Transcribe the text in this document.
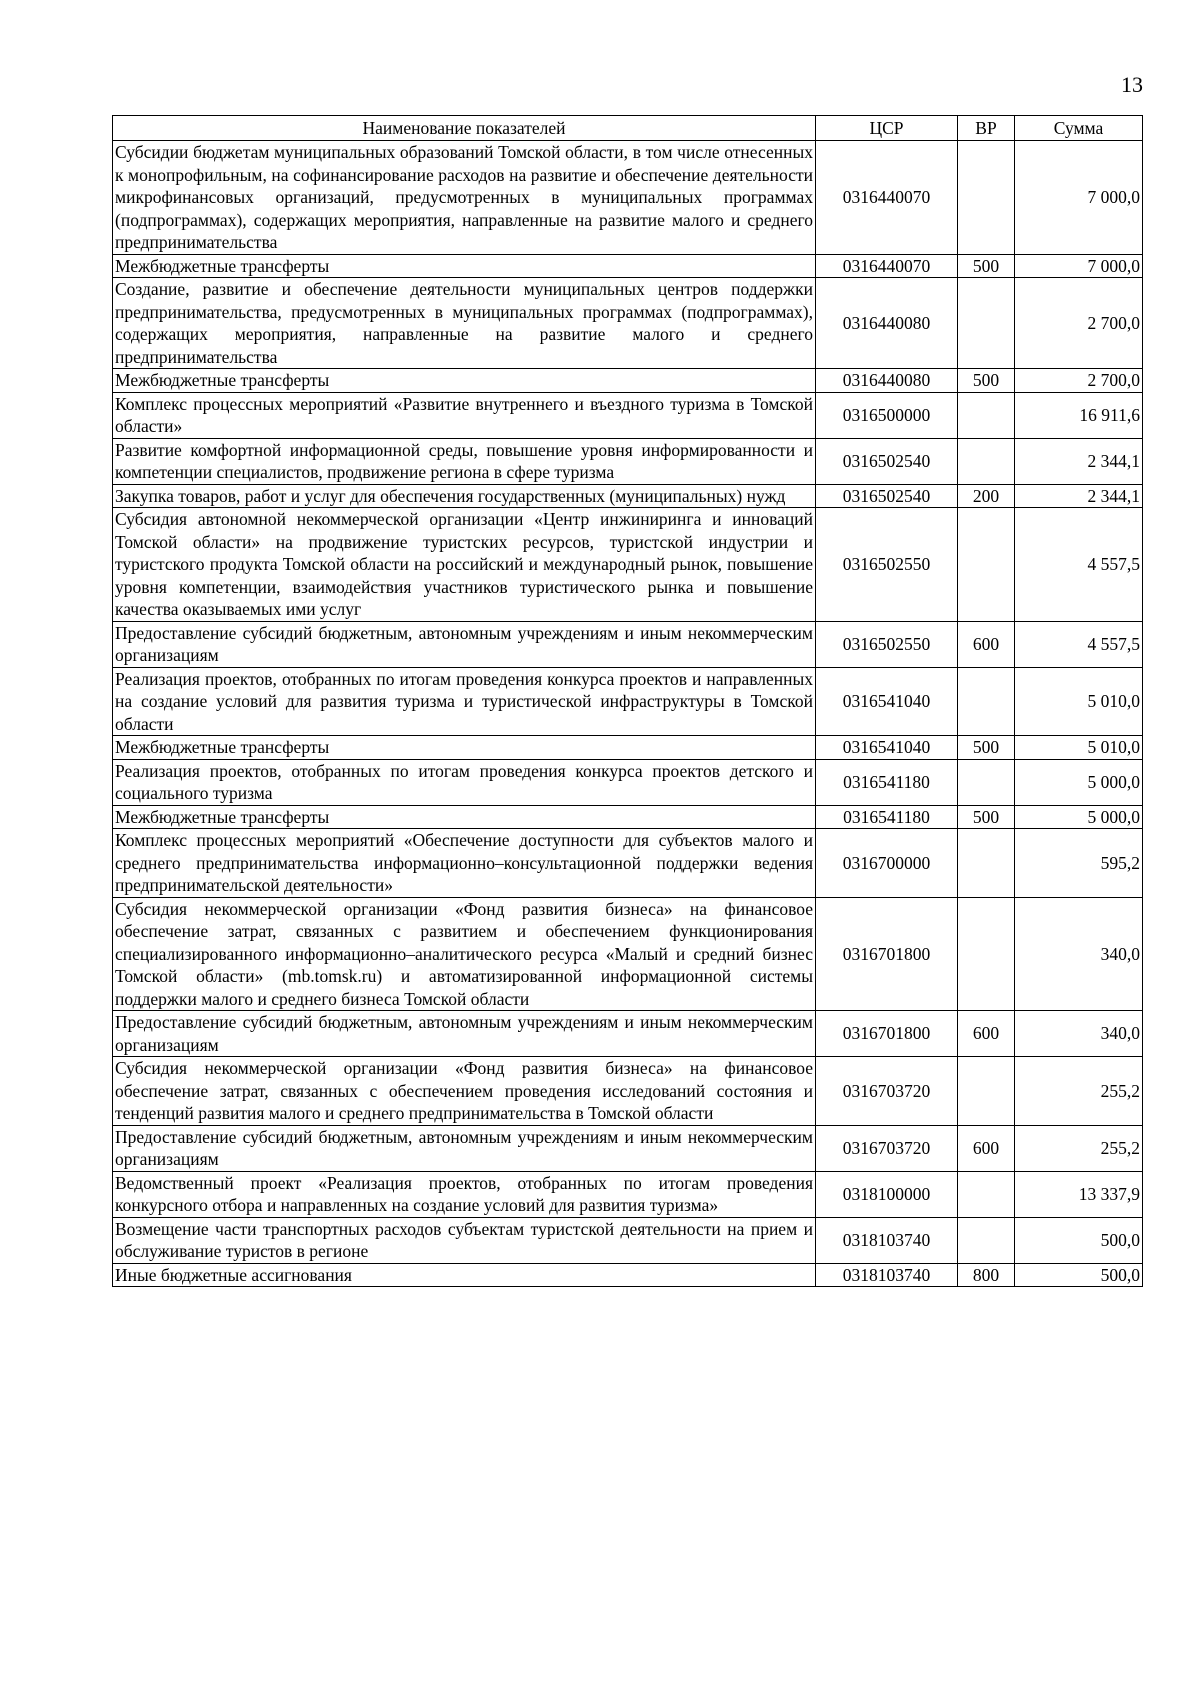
13
Наименование показателей	ЦСР	ВР	Сумма
Субсидии бюджетам муниципальных образований Томской области, в том числе отнесенных к монопрофильным, на софинансирование расходов на развитие и обеспечение деятельности микрофинансовых организаций, предусмотренных в муниципальных программах (подпрограммах), содержащих мероприятия, направленные на развитие малого и среднего предпринимательства	0316440070		7 000,0
Межбюджетные трансферты	0316440070	500	7 000,0
Создание, развитие и обеспечение деятельности муниципальных центров поддержки предпринимательства, предусмотренных в муниципальных программах (подпрограммах), содержащих мероприятия, направленные на развитие малого и среднего предпринимательства	0316440080		2 700,0
Межбюджетные трансферты	0316440080	500	2 700,0
Комплекс процессных мероприятий «Развитие внутреннего и въездного туризма в Томской области»	0316500000		16 911,6
Развитие комфортной информационной среды, повышение уровня информированности и компетенции специалистов, продвижение региона в сфере туризма	0316502540		2 344,1
Закупка товаров, работ и услуг для обеспечения государственных (муниципальных) нужд	0316502540	200	2 344,1
Субсидия автономной некоммерческой организации «Центр инжиниринга и инноваций Томской области» на продвижение туристских ресурсов, туристской индустрии и туристского продукта Томской области на российский и международный рынок, повышение уровня компетенции, взаимодействия участников туристического рынка и повышение качества оказываемых ими услуг	0316502550		4 557,5
Предоставление субсидий бюджетным, автономным учреждениям и иным некоммерческим организациям	0316502550	600	4 557,5
Реализация проектов, отобранных по итогам проведения конкурса проектов и направленных на создание условий для развития туризма и туристической инфраструктуры в Томской области	0316541040		5 010,0
Межбюджетные трансферты	0316541040	500	5 010,0
Реализация проектов, отобранных по итогам проведения конкурса проектов детского и социального туризма	0316541180		5 000,0
Межбюджетные трансферты	0316541180	500	5 000,0
Комплекс процессных мероприятий «Обеспечение доступности для субъектов малого и среднего предпринимательства информационно–консультационной поддержки ведения предпринимательской деятельности»	0316700000		595,2
Субсидия некоммерческой организации «Фонд развития бизнеса» на финансовое обеспечение затрат, связанных с развитием и обеспечением функционирования специализированного информационно–аналитического ресурса «Малый и средний бизнес Томской области» (mb.tomsk.ru) и автоматизированной информационной системы поддержки малого и среднего бизнеса Томской области	0316701800		340,0
Предоставление субсидий бюджетным, автономным учреждениям и иным некоммерческим организациям	0316701800	600	340,0
Субсидия некоммерческой организации «Фонд развития бизнеса» на финансовое обеспечение затрат, связанных с обеспечением проведения исследований состояния и тенденций развития малого и среднего предпринимательства в Томской области	0316703720		255,2
Предоставление субсидий бюджетным, автономным учреждениям и иным некоммерческим организациям	0316703720	600	255,2
Ведомственный проект «Реализация проектов, отобранных по итогам проведения конкурсного отбора и направленных на создание условий для развития туризма»	0318100000		13 337,9
Возмещение части транспортных расходов субъектам туристской деятельности на прием и обслуживание туристов в регионе	0318103740		500,0
Иные бюджетные ассигнования	0318103740	800	500,0
